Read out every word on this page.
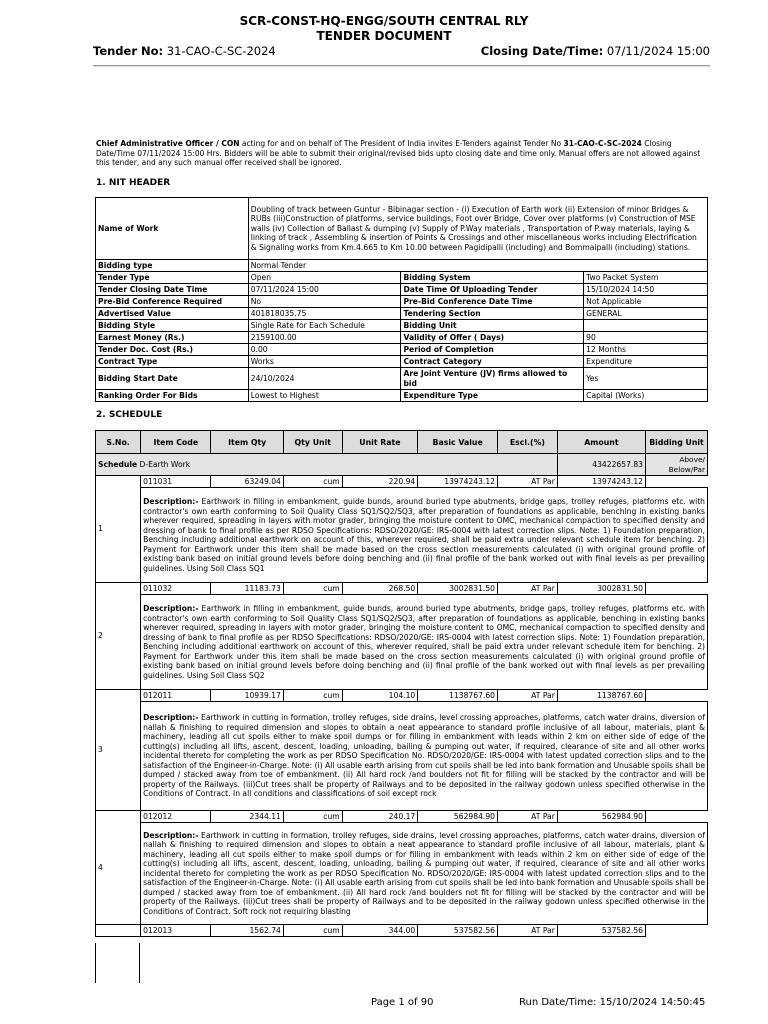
SCR-CONST-HQ-ENGG/SOUTH CENTRAL RLY
TENDER DOCUMENT
Tender No: 31-CAO-C-SC-2024	Closing Date/Time: 07/11/2024 15:00
Chief Administrative Officer / CON acting for and on behalf of The President of India invites E-Tenders against Tender No 31-CAO-C-SC-2024 Closing Date/Time 07/11/2024 15:00 Hrs. Bidders will be able to submit their original/revised bids upto closing date and time only. Manual offers are not allowed against this tender, and any such manual offer received shall be ignored.
1. NIT HEADER
Name of Work	Doubling of track between Guntur - Bibinagar section - (i) Execution of Earth work (ii) Extension of minor Bridges & RUBs (iii)Construction of platforms, service buildings, Foot over Bridge, Cover over platforms (v) Construction of MSE walls (iv) Collection of Ballast & dumping (v) Supply of P.Way materials , Transportation of P.way materials, laying & linking of track , Assembling & insertion of Points & Crossings and other miscellaneous works including Electrification & Signaling works from Km.4.665 to Km 10.00 between Pagidipalli (including) and Bommaipalli (including) stations.		
Bidding type	Normal Tender		
Tender Type	Open	Bidding System	Two Packet System
Tender Closing Date Time	07/11/2024 15:00	Date Time Of Uploading Tender	15/10/2024 14:50
Pre-Bid Conference Required	No	Pre-Bid Conference Date Time	Not Applicable
Advertised Value	401818035.75	Tendering Section	GENERAL
Bidding Style	Single Rate for Each Schedule	Bidding Unit	
Earnest Money (Rs.)	2159100.00	Validity of Offer ( Days)	90
Tender Doc. Cost (Rs.)	0.00	Period of Completion	12 Months
Contract Type	Works	Contract Category	Expenditure
Bidding Start Date	24/10/2024	Are Joint Venture (JV) firms allowed to bid	Yes
Ranking Order For Bids	Lowest to Highest	Expenditure Type	Capital (Works)
2. SCHEDULE
S.No.	Item Code	Item Qty	Qty Unit	Unit Rate	Basic Value	Escl.(%)	Amount	Bidding Unit
Schedule D-Earth Work							43422657.83	Above/ Below/Par
1	011031	63249.04	cum	220.94	13974243.12	AT Par	13974243.12	
	Description:- Earthwork in filling in embankment, guide bunds, around buried type abutments, bridge gaps, trolley refuges, platforms etc. with contractor's own earth conforming to Soil Quality Class SQ1/SQ2/SQ3, after preparation of foundations as applicable, benching in existing banks wherever required, spreading in layers with motor grader, bringing the moisture content to OMC, mechanical compaction to specified density and dressing of bank to final profile as per RDSO Specifications: RDSO/2020/GE: IRS-0004 with latest correction slips. Note: 1) Foundation preparation, Benching including additional earthwork on account of this, wherever required, shall be paid extra under relevant schedule item for benching. 2) Payment for Earthwork under this item shall be made based on the cross section measurements calculated (i) with original ground profile of existing bank based on initial ground levels before doing benching and (ii) final profile of the bank worked out with final levels as per prevailing guidelines. Using Soil Class SQ1							
2	011032	11183.73	cum	268.50	3002831.50	AT Par	3002831.50	
	Description:- Earthwork in filling in embankment, guide bunds, around buried type abutments, bridge gaps, trolley refuges, platforms etc. with contractor's own earth conforming to Soil Quality Class SQ1/SQ2/SQ3, after preparation of foundations as applicable, benching in existing banks wherever required, spreading in layers with motor grader, bringing the moisture content to OMC, mechanical compaction to specified density and dressing of bank to final profile as per RDSO Specifications: RDSO/2020/GE: IRS-0004 with latest correction slips. Note: 1) Foundation preparation, Benching including additional earthwork on account of this, wherever required, shall be paid extra under relevant schedule item for benching. 2) Payment for Earthwork under this item shall be made based on the cross section measurements calculated (i) with original ground profile of existing bank based on initial ground levels before doing benching and (ii) final profile of the bank worked out with final levels as per prevailing guidelines. Using Soil Class SQ2							
3	012011	10939.17	cum	104.10	1138767.60	AT Par	1138767.60	
	Description:- Earthwork in cutting in formation, trolley refuges, side drains, level crossing approaches, platforms, catch water drains, diversion of nallah & finishing to required dimension and slopes to obtain a neat appearance to standard profile inclusive of all labour, materials, plant & machinery, leading all cut spoils either to make spoil dumps or for filling in embankment with leads within 2 km on either side of edge of the cutting(s) including all lifts, ascent, descent, loading, unloading, bailing & pumping out water, if required, clearance of site and all other works incidental thereto for completing the work as per RDSO Specification No. RDSO/2020/GE: IRS-0004 with latest updated correction slips and to the satisfaction of the Engineer-in-Charge. Note: (i) All usable earth arising from cut spoils shall be led into bank formation and Unusable spoils shall be dumped / stacked away from toe of embankment. (ii) All hard rock /and boulders not fit for filling will be stacked by the contractor and will be property of the Railways. (iii)Cut trees shall be property of Railways and to be deposited in the railway godown unless specified otherwise in the Conditions of Contract. In all conditions and classifications of soil except rock							
4	012012	2344.11	cum	240.17	562984.90	AT Par	562984.90	
	Description:- Earthwork in cutting in formation, trolley refuges, side drains, level crossing approaches, platforms, catch water drains, diversion of nallah & finishing to required dimension and slopes to obtain a neat appearance to standard profile inclusive of all labour, materials, plant & machinery, leading all cut spoils either to make spoil dumps or for filling in embankment with leads within 2 km on either side of edge of the cutting(s) including all lifts, ascent, descent, loading, unloading, bailing & pumping out water, if required, clearance of site and all other works incidental thereto for completing the work as per RDSO Specification No. RDSO/2020/GE: IRS-0004 with latest updated correction slips and to the satisfaction of the Engineer-in-Charge. Note: (i) All usable earth arising from cut spoils shall be led into bank formation and Unusable spoils shall be dumped / stacked away from toe of embankment. (ii) All hard rock /and boulders not fit for filling will be stacked by the contractor and will be property of the Railways. (iii)Cut trees shall be property of Railways and to be deposited in the railway godown unless specified otherwise in the Conditions of Contract. Soft rock not requiring blasting							
	012013	1562.74	cum	344.00	537582.56	AT Par	537582.56	
Page 1 of 90	Run Date/Time: 15/10/2024 14:50:45
